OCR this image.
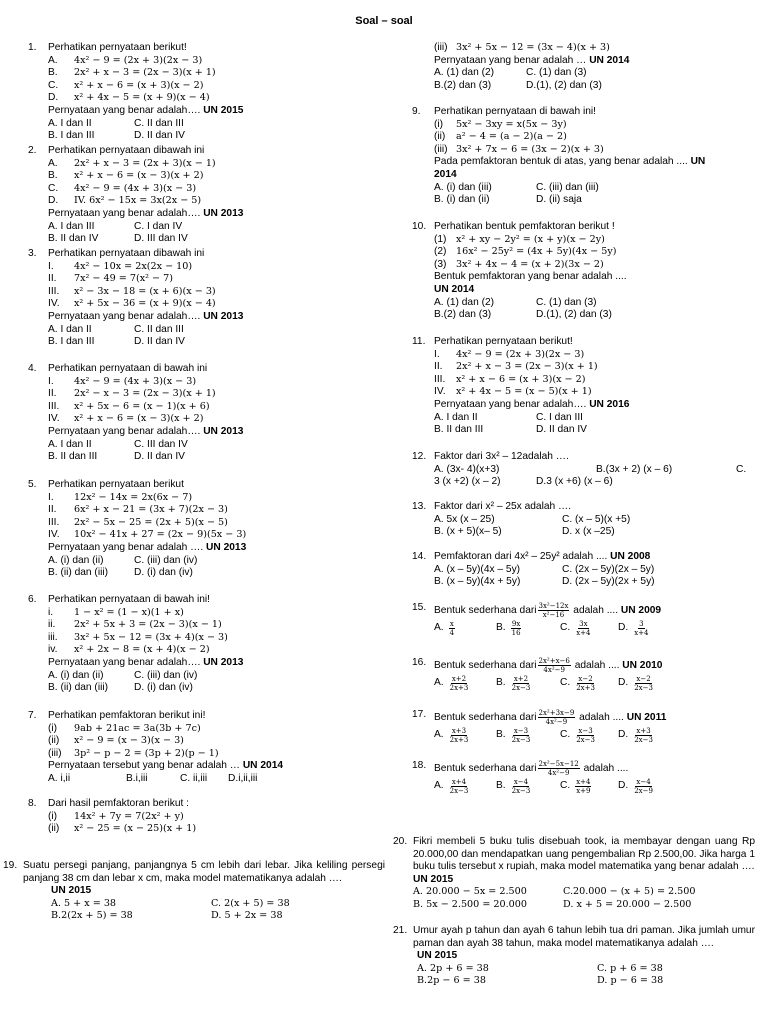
Soal – soal
1. Perhatikan pernyataan berikut!
A. 4x² − 9 = (2x + 3)(2x − 3)
B. 2x² + x − 3 = (2x − 3)(x + 1)
C. x² + x − 6 = (x + 3)(x − 2)
D. x² + 4x − 5 = (x + 9)(x − 4)
Pernyataan yang benar adalah…. UN 2015
A. I dan II	C. II dan III
B. I dan III	D. II dan IV
2. Perhatikan pernyataan dibawah ini
A. 2x² + x − 3 = (2x + 3)(x − 1)
B. x² + x − 6 = (x − 3)(x + 2)
C. 4x² − 9 = (4x + 3)(x − 3)
D. IV. 6x² − 15x = 3x(2x − 5)
Pernyataan yang benar adalah…. UN 2013
A. I dan III	C. I dan IV
B. II dan IV	D. III dan IV
3. Perhatikan pernyataan dibawah ini
I. 4x² − 10x = 2x(2x − 10)
II. 7x² − 49 = 7(x² − 7)
III. x² − 3x − 18 = (x + 6)(x − 3)
IV. x² + 5x − 36 = (x + 9)(x − 4)
Pernyataan yang benar adalah…. UN 2013
A. I dan II	C. II dan III
B. I dan III	D. II dan IV
4. Perhatikan pernyataan di bawah ini
I. 4x² − 9 = (4x + 3)(x − 3)
II. 2x² − x − 3 = (2x − 3)(x + 1)
III. x² + 5x − 6 = (x − 1)(x + 6)
IV. x² + x − 6 = (x − 3)(x + 2)
Pernyataan yang benar adalah…. UN 2013
A. I dan II	C. III dan IV
B. II dan III	D. II dan IV
5. Perhatikan pernyataan berikut
I. 12x² − 14x = 2x(6x − 7)
II. 6x² + x − 21 = (3x + 7)(2x − 3)
III. 2x² − 5x − 25 = (2x + 5)(x − 5)
IV. 10x² − 41x + 27 = (2x − 9)(5x − 3)
Pernyataan yang benar adalah …. UN 2013
A. (i) dan (ii)	C. (iii) dan (iv)
B. (ii) dan (iii)	D. (i) dan (iv)
6. Perhatikan pernyataan di bawah ini!
i. 1 − x² = (1 − x)(1 + x)
ii. 2x² + 5x + 3 = (2x − 3)(x − 1)
iii. 3x² + 5x − 12 = (3x + 4)(x − 3)
iv. x² + 2x − 8 = (x + 4)(x − 2)
Pernyataan yang benar adalah…. UN 2013
A. (i) dan (ii)	C. (iii) dan (iv)
B. (ii) dan (iii)	D. (i) dan (iv)
7. Perhatikan pemfaktoran berikut ini!
(i) 9ab + 21ac = 3a(3b + 7c)
(ii) x² − 9 = (x − 3)(x − 3)
(iii) 3p² − p − 2 = (3p + 2)(p − 1)
Pernyataan tersebut yang benar adalah … UN 2014
A. i,ii	B.i,iii	C. ii,iii D.i,ii,iii
8. Dari hasil pemfaktoran berikut :
(i) 14x² + 7y = 7(2x² + y)
(ii) x² − 25 = (x − 25)(x + 1)
(iii) 3x² + 5x − 12 = (3x − 4)(x + 3)
Pernyataan yang benar adalah … UN 2014
A. (1) dan (2)	C. (1) dan (3)
B.(2) dan (3)	D.(1), (2) dan (3)
9. Perhatikan pernyataan di bawah ini!
(i) 5x² − 3xy = x(5x − 3y)
(ii) a² − 4 = (a − 2)(a − 2)
(iii) 3x² + 7x − 6 = (3x − 2)(x + 3)
Pada pemfaktoran bentuk di atas, yang benar adalah .... UN
2014
A. (i) dan (iii)	C. (iii) dan (iii)
B. (i) dan (ii)	D. (ii) saja
10. Perhatikan bentuk pemfaktoran berikut !
(1) x² + xy − 2y² = (x + y)(x − 2y)
(2) 16x² − 25y² = (4x + 5y)(4x − 5y)
(3) 3x² + 4x − 4 = (x + 2)(3x − 2)
Bentuk pemfaktoran yang benar adalah ....
UN 2014
A. (1) dan (2)	C. (1) dan (3)
B.(2) dan (3)	D.(1), (2) dan (3)
11. Perhatikan pernyataan berikut!
I. 4x² − 9 = (2x + 3)(2x − 3)
II. 2x² + x − 3 = (2x − 3)(x + 1)
III. x² + x − 6 = (x + 3)(x − 2)
IV. x² + 4x − 5 = (x − 5)(x + 1)
Pernyataan yang benar adalah…. UN 2016
A. I dan II	C. I dan III
B. II dan III	D. II dan IV
12. Faktor dari 3x² – 12adalah ….
A. (3x- 4)(x+3)	B.(3x + 2) (x – 6)	C.
3 (x +2) (x – 2)	D.3 (x +6) (x – 6)
13. Faktor dari x² – 25x adalah ….
A. 5x (x – 25)	C. (x – 5)(x +5)
B. (x + 5)(x– 5)	D. x (x –25)
14. Pemfaktoran dari 4x² – 25y² adalah .... UN 2008
A. (x – 5y)(4x – 5y)	C. (2x – 5y)(2x – 5y)
B. (x – 5y)(4x + 5y)	D. (2x – 5y)(2x + 5y)
15. Bentuk sederhana dari $\frac{\text{3x²−12x}}{\text{x²−16}}$ adalah .... UN 2009
A. $\frac{x}{4}$	B. $\frac{9x}{16}$	C. $\frac{3x}{x+4}$	D. $\frac{3}{x+4}$
16. Bentuk sederhana dari $\frac{\text{2x²+x−6}}{\text{4x²−9}}$ adalah .... UN 2010
A. $\frac{x+2}{2x+3}$	B. $\frac{x+2}{2x-3}$	C. $\frac{x-2}{2x+3} D$. $\frac{x-2}{2x-3}$
17. Bentuk sederhana dari $\frac{\text{2x²+3x−9}}{\text{4x²−9}}$ adalah .... UN 2011
A. $\frac{x+3}{2x+3}$	B. $\frac{x-3}{2x-3}$	C. $\frac{x-3}{2x-3} D$. $\frac{x+3}{2x-3}$
18. Bentuk sederhana dari $\frac{\text{2x²−5x−12}}{\text{4x²−9}}$ adalah ....
A. $\frac{x+4}{2x-3}$	B. $\frac{x-4}{2x-3}$	C. $\frac{x+4}{x+9}$	D. $\frac{x-4}{2x-9}$
19. Suatu persegi panjang, panjangnya 5 cm lebih dari lebar. Jika keliling persegi panjang 38 cm dan lebar x cm, maka model matematikanya adalah ….
UN 2015
A. 5 + x = 38	C. 2(x + 5) = 38
B.2(2x + 5) = 38	D. 5 + 2x = 38
20. Fikri membeli 5 buku tulis disebuah took, ia membayar dengan uang Rp 20.000,00 dan mendapatkan uang pengembalian Rp 2.500,00. Jika harga 1 buku tulis tersebut x rupiah, maka model matematika yang benar adalah ….
UN 2015
A. 20.000 − 5x = 2.500	C.20.000 − (x + 5) = 2.500
B. 5x − 2.500 = 20.000	D. x + 5 = 20.000 − 2.500
21. Umur ayah p tahun dan ayah 6 tahun lebih tua dri paman. Jika jumlah umur paman dan ayah 38 tahun, maka model matematikanya adalah ….
UN 2015
A. 2p + 6 = 38	C. p + 6 = 38
B.2p − 6 = 38	D. p − 6 = 38
